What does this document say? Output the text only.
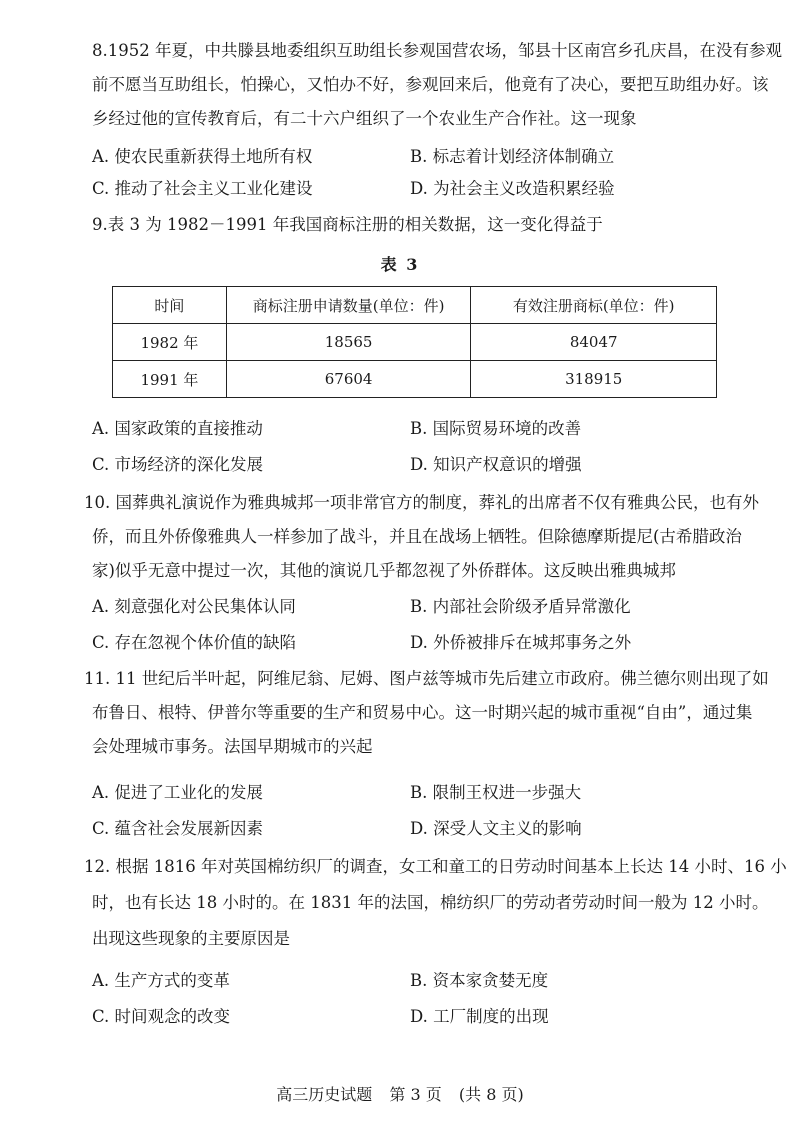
8.1952 年夏，中共滕县地委组织互助组长参观国营农场，邹县十区南宫乡孔庆昌，在没有参观
前不愿当互助组长，怕操心，又怕办不好，参观回来后，他竟有了决心，要把互助组办好。该
乡经过他的宣传教育后，有二十六户组织了一个农业生产合作社。这一现象
A. 使农民重新获得土地所有权	B. 标志着计划经济体制确立
C. 推动了社会主义工业化建设	D. 为社会主义改造积累经验
9.表 3 为 1982－1991 年我国商标注册的相关数据，这一变化得益于
表 3
时间	商标注册申请数量(单位：件)	有效注册商标(单位：件)
1982 年	18565	84047
1991 年	67604	318915
A. 国家政策的直接推动	B. 国际贸易环境的改善
C. 市场经济的深化发展	D. 知识产权意识的增强
10. 国葬典礼演说作为雅典城邦一项非常官方的制度，葬礼的出席者不仅有雅典公民，也有外
侨，而且外侨像雅典人一样参加了战斗，并且在战场上牺牲。但除德摩斯提尼(古希腊政治
家)似乎无意中提过一次，其他的演说几乎都忽视了外侨群体。这反映出雅典城邦
A. 刻意强化对公民集体认同	B. 内部社会阶级矛盾异常激化
C. 存在忽视个体价值的缺陷	D. 外侨被排斥在城邦事务之外
11. 11 世纪后半叶起，阿维尼翁、尼姆、图卢兹等城市先后建立市政府。佛兰德尔则出现了如
布鲁日、根特、伊普尔等重要的生产和贸易中心。这一时期兴起的城市重视“自由”，通过集
会处理城市事务。法国早期城市的兴起
A. 促进了工业化的发展	B. 限制王权进一步强大
C. 蕴含社会发展新因素	D. 深受人文主义的影响
12. 根据 1816 年对英国棉纺织厂的调查，女工和童工的日劳动时间基本上长达 14 小时、16 小
时，也有长达 18 小时的。在 1831 年的法国，棉纺织厂的劳动者劳动时间一般为 12 小时。
出现这些现象的主要原因是
A. 生产方式的变革	B. 资本家贪婪无度
C. 时间观念的改变	D. 工厂制度的出现
高三历史试题 第 3 页 (共 8 页)
